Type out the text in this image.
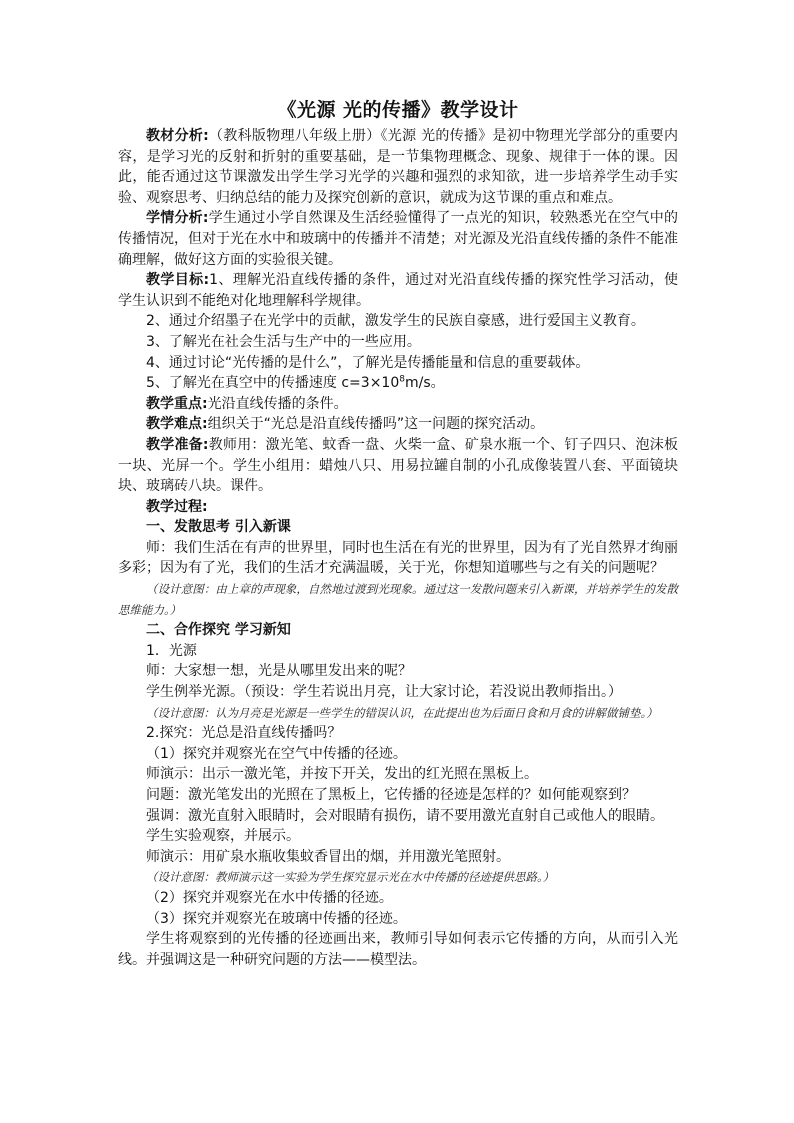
《光源 光的传播》教学设计

教材分析:（教科版物理八年级上册）《光源 光的传播》是初中物理光学部分的重要内容，是学习光的反射和折射的重要基础，是一节集物理概念、现象、规律于一体的课。因此，能否通过这节课激发出学生学习光学的兴趣和强烈的求知欲，进一步培养学生动手实验、观察思考、归纳总结的能力及探究创新的意识，就成为这节课的重点和难点。

学情分析:学生通过小学自然课及生活经验懂得了一点光的知识，较熟悉光在空气中的传播情况，但对于光在水中和玻璃中的传播并不清楚；对光源及光沿直线传播的条件不能准确理解，做好这方面的实验很关键。

教学目标:1、理解光沿直线传播的条件，通过对光沿直线传播的探究性学习活动，使学生认识到不能绝对化地理解科学规律。

2、通过介绍墨子在光学中的贡献，激发学生的民族自豪感，进行爱国主义教育。

3、了解光在社会生活与生产中的一些应用。

4、通过讨论“光传播的是什么”，了解光是传播能量和信息的重要载体。

5、了解光在真空中的传播速度 $c=3\times 10^8m/s$。

教学重点:光沿直线传播的条件。

教学难点:组织关于“光总是沿直线传播吗”这一问题的探究活动。

教学准备:教师用：激光笔、蚊香一盘、火柴一盒、矿泉水瓶一个、钉子四只、泡沫板一块、光屏一个。学生小组用：蜡烛八只、用易拉罐自制的小孔成像装置八套、平面镜块块、玻璃砖八块。课件。

教学过程:

一、发散思考 引入新课

师：我们生活在有声的世界里，同时也生活在有光的世界里，因为有了光自然界才绚丽多彩；因为有了光，我们的生活才充满温暖，关于光，你想知道哪些与之有关的问题呢？

（设计意图：由上章的声现象，自然地过渡到光现象。通过这一发散问题来引入新课，并培养学生的发散思维能力。）

二、合作探究 学习新知

1．光源

师：大家想一想，光是从哪里发出来的呢？

学生例举光源。（预设：学生若说出月亮，让大家讨论，若没说出教师指出。）

（设计意图：认为月亮是光源是一些学生的错误认识，在此提出也为后面日食和月食的讲解做铺垫。）

2.探究：光总是沿直线传播吗？

（1）探究并观察光在空气中传播的径迹。

师演示：出示一激光笔，并按下开关，发出的红光照在黑板上。

问题：激光笔发出的光照在了黑板上，它传播的径迹是怎样的？如何能观察到？

强调：激光直射入眼睛时，会对眼睛有损伤，请不要用激光直射自己或他人的眼睛。

学生实验观察，并展示。

师演示：用矿泉水瓶收集蚊香冒出的烟，并用激光笔照射。

（设计意图：教师演示这一实验为学生探究显示光在水中传播的径迹提供思路。）

（2）探究并观察光在水中传播的径迹。

（3）探究并观察光在玻璃中传播的径迹。

学生将观察到的光传播的径迹画出来，教师引导如何表示它传播的方向，从而引入光线。并强调这是一种研究问题的方法——模型法。
